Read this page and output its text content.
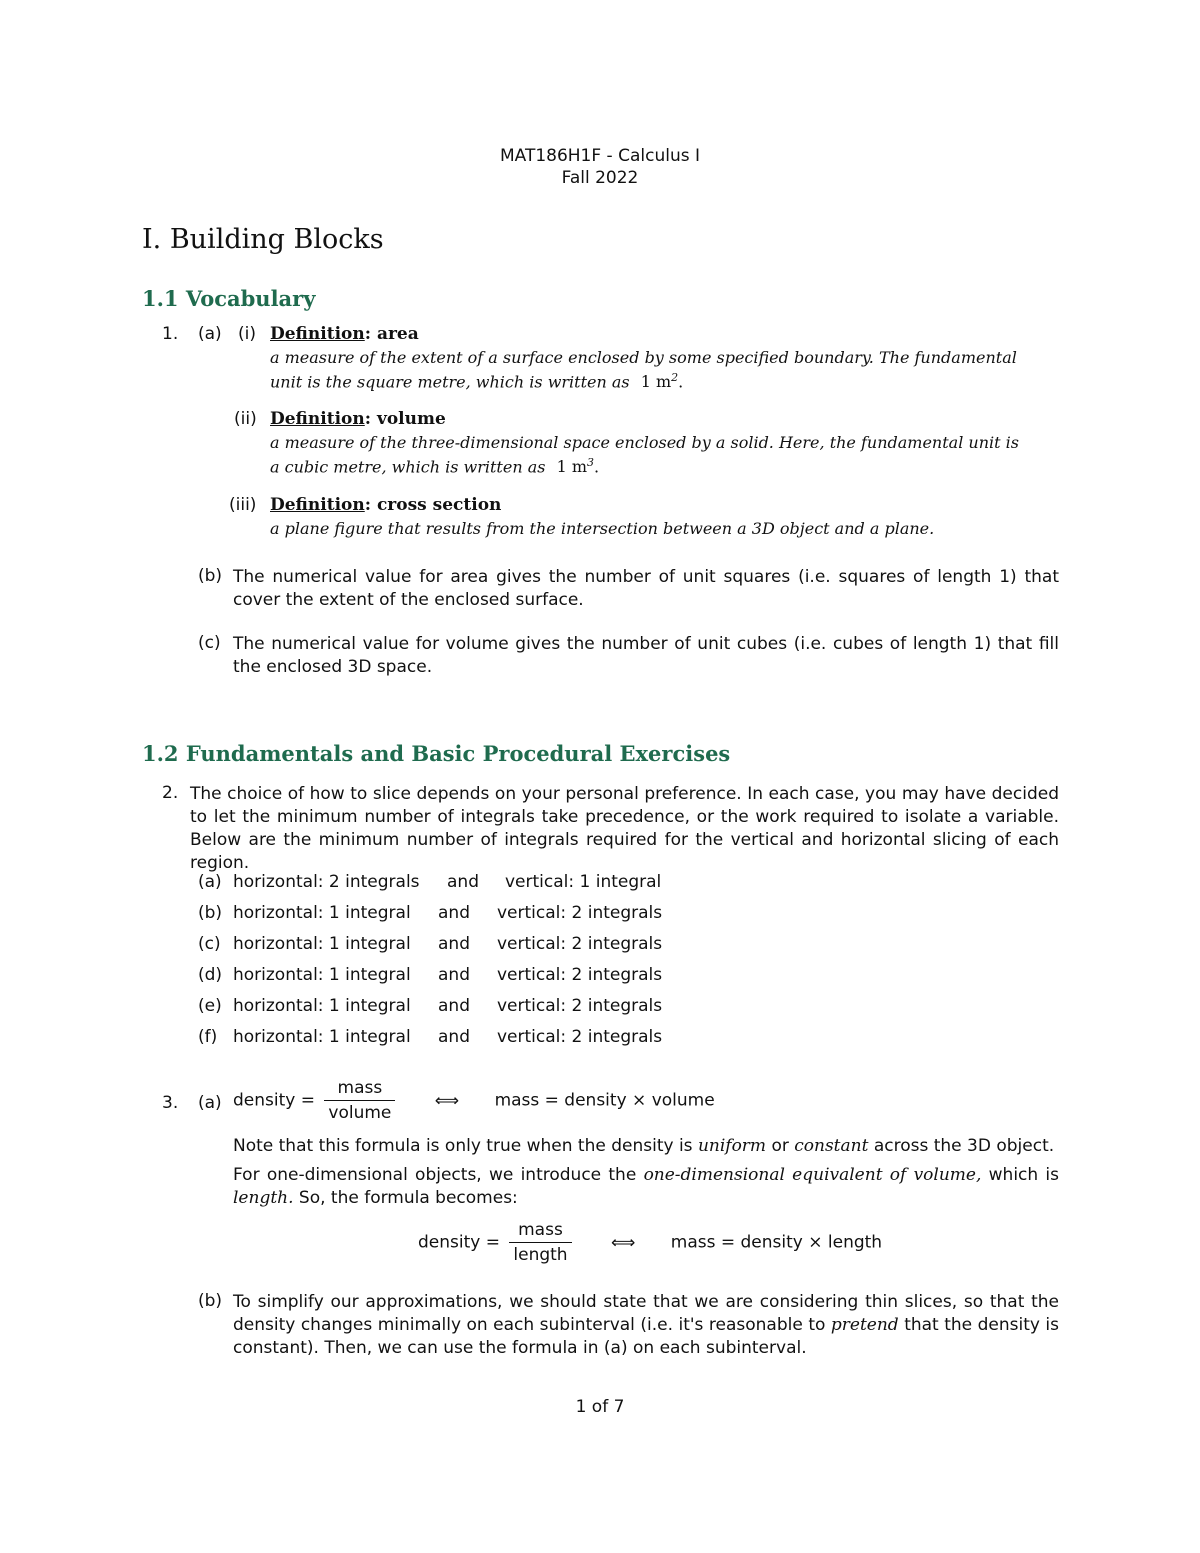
MAT186H1F - Calculus I
Fall 2022
I. Building Blocks
1.1 Vocabulary
1. (a) (i) Definition: area
a measure of the extent of a surface enclosed by some specified boundary. The fundamental
unit is the square metre, which is written as 1 $m^2$.
(ii) Definition: volume
a measure of the three-dimensional space enclosed by a solid. Here, the fundamental unit is
a cubic metre, which is written as 1 $m^3$.
(iii) Definition: cross section
a plane figure that results from the intersection between a 3D object and a plane.
(b) The numerical value for area gives the number of unit squares (i.e. squares of length 1) that cover the extent of the enclosed surface.
(c) The numerical value for volume gives the number of unit cubes (i.e. cubes of length 1) that fill the enclosed 3D space.
1.2 Fundamentals and Basic Procedural Exercises
2. The choice of how to slice depends on your personal preference. In each case, you may have decided to let the minimum number of integrals take precedence, or the work required to isolate a variable. Below are the minimum number of integrals required for the vertical and horizontal slicing of each region.
(a) horizontal: 2 integrals and vertical: 1 integral
(b) horizontal: 1 integral and vertical: 2 integrals
(c) horizontal: 1 integral and vertical: 2 integrals
(d) horizontal: 1 integral and vertical: 2 integrals
(e) horizontal: 1 integral and vertical: 2 integrals
(f) horizontal: 1 integral and vertical: 2 integrals
3. (a) density = $\frac{\text{mass}}{\text{volume}}$ ⟺ mass = density × volume
Note that this formula is only true when the density is uniform or constant across the 3D object.
For one-dimensional objects, we introduce the one-dimensional equivalent of volume, which is length. So, the formula becomes:
density = $\frac{\text{mass}}{\text{length}}$ ⟺ mass = density × length
(b) To simplify our approximations, we should state that we are considering thin slices, so that the density changes minimally on each subinterval (i.e. it's reasonable to pretend that the density is constant). Then, we can use the formula in (a) on each subinterval.
1 of 7
